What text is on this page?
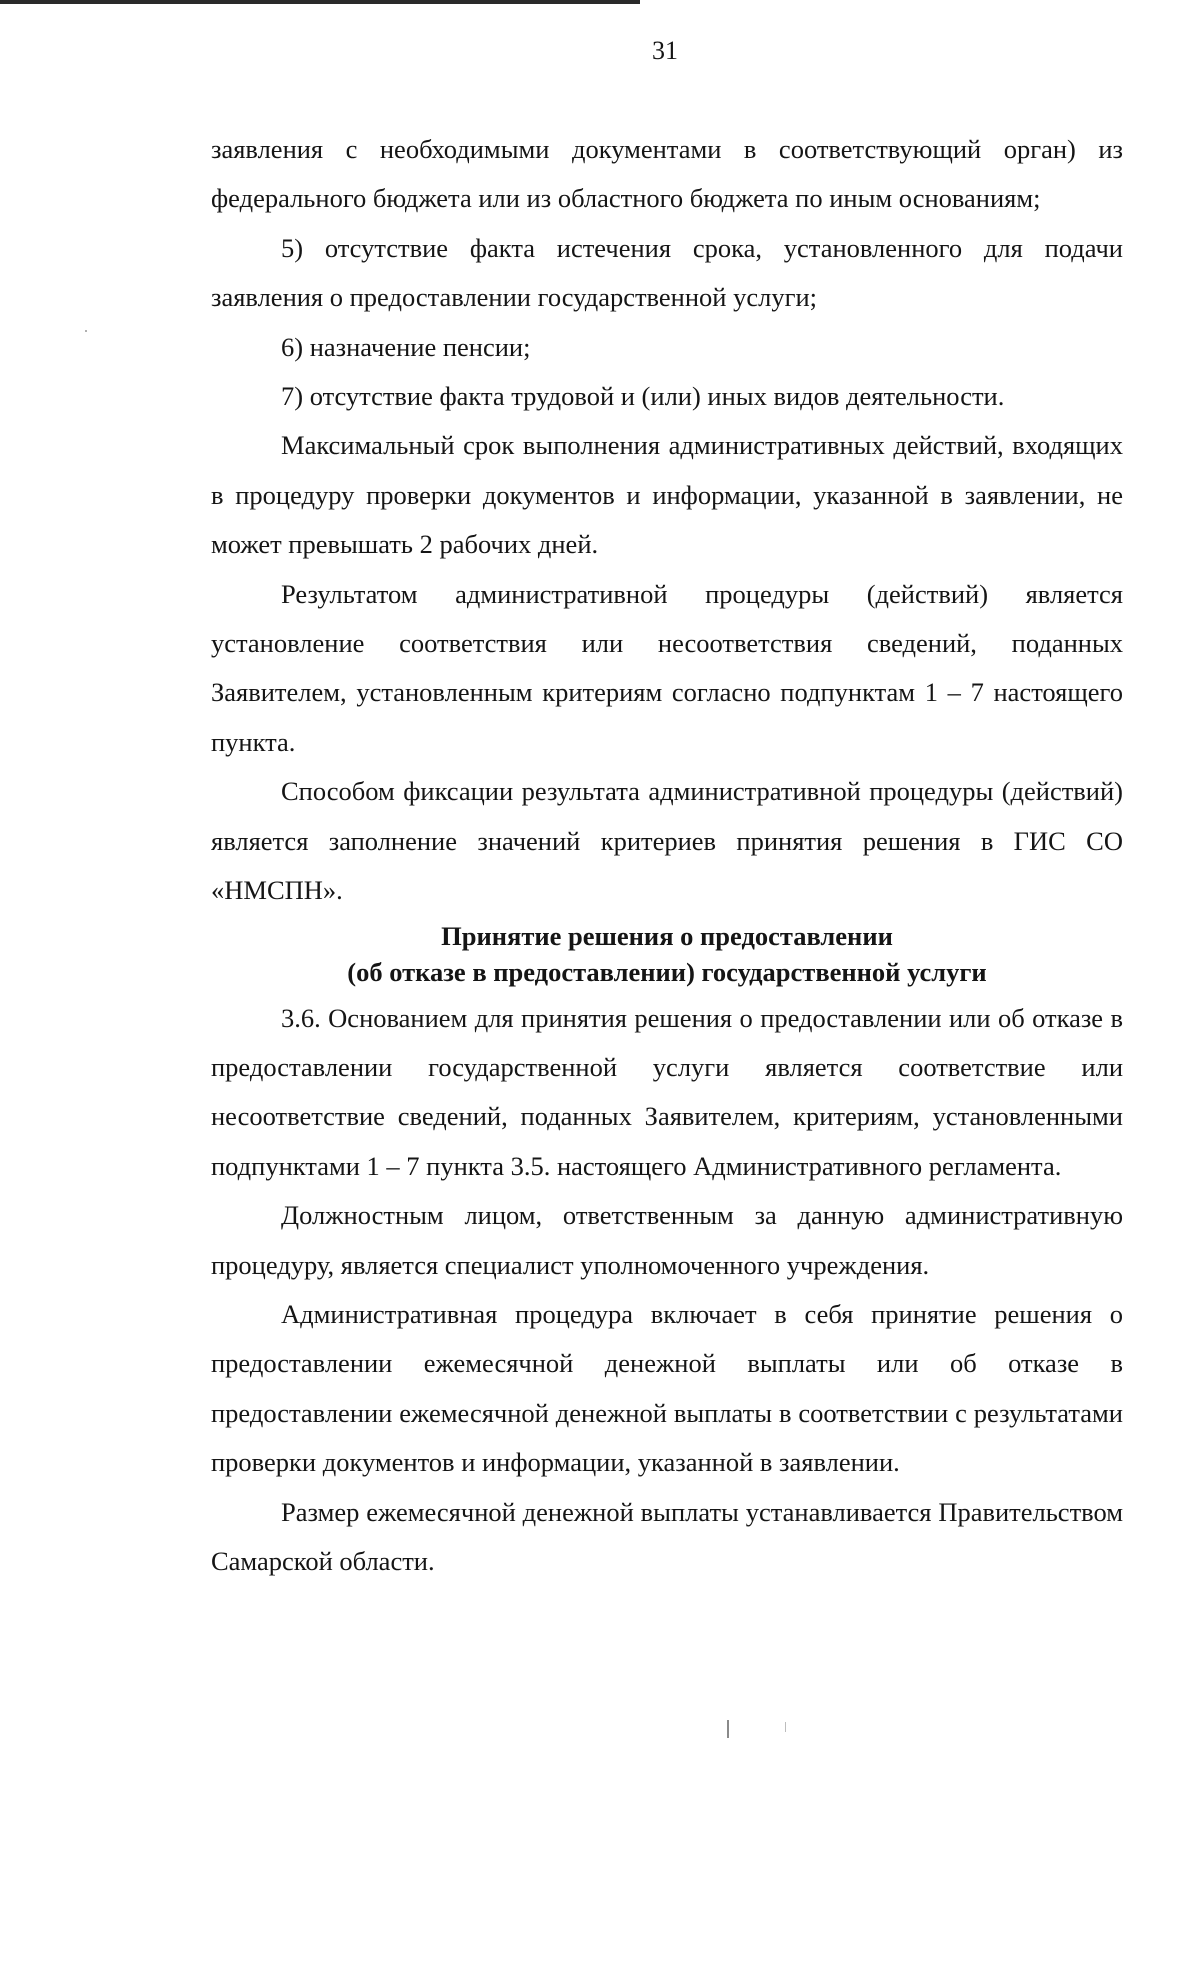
31

заявления с необходимыми документами в соответствующий орган) из федерального бюджета или из областного бюджета по иным основаниям;

5) отсутствие факта истечения срока, установленного для подачи заявления о предоставлении государственной услуги;

6) назначение пенсии;

7) отсутствие факта трудовой и (или) иных видов деятельности.

Максимальный срок выполнения административных действий, входящих в процедуру проверки документов и информации, указанной в заявлении, не может превышать 2 рабочих дней.

Результатом административной процедуры (действий) является установление соответствия или несоответствия сведений, поданных Заявителем, установленным критериям согласно подпунктам 1 – 7 настоящего пункта.

Способом фиксации результата административной процедуры (действий) является заполнение значений критериев принятия решения в ГИС СО «НМСПН».

Принятие решения о предоставлении
(об отказе в предоставлении) государственной услуги

3.6. Основанием для принятия решения о предоставлении или об отказе в предоставлении государственной услуги является соответствие или несоответствие сведений, поданных Заявителем, критериям, установленными подпунктами 1 – 7 пункта 3.5. настоящего Административного регламента.

Должностным лицом, ответственным за данную административную процедуру, является специалист уполномоченного учреждения.

Административная процедура включает в себя принятие решения о предоставлении ежемесячной денежной выплаты или об отказе в предоставлении ежемесячной денежной выплаты в соответствии с результатами проверки документов и информации, указанной в заявлении.

Размер ежемесячной денежной выплаты устанавливается Правительством Самарской области.
